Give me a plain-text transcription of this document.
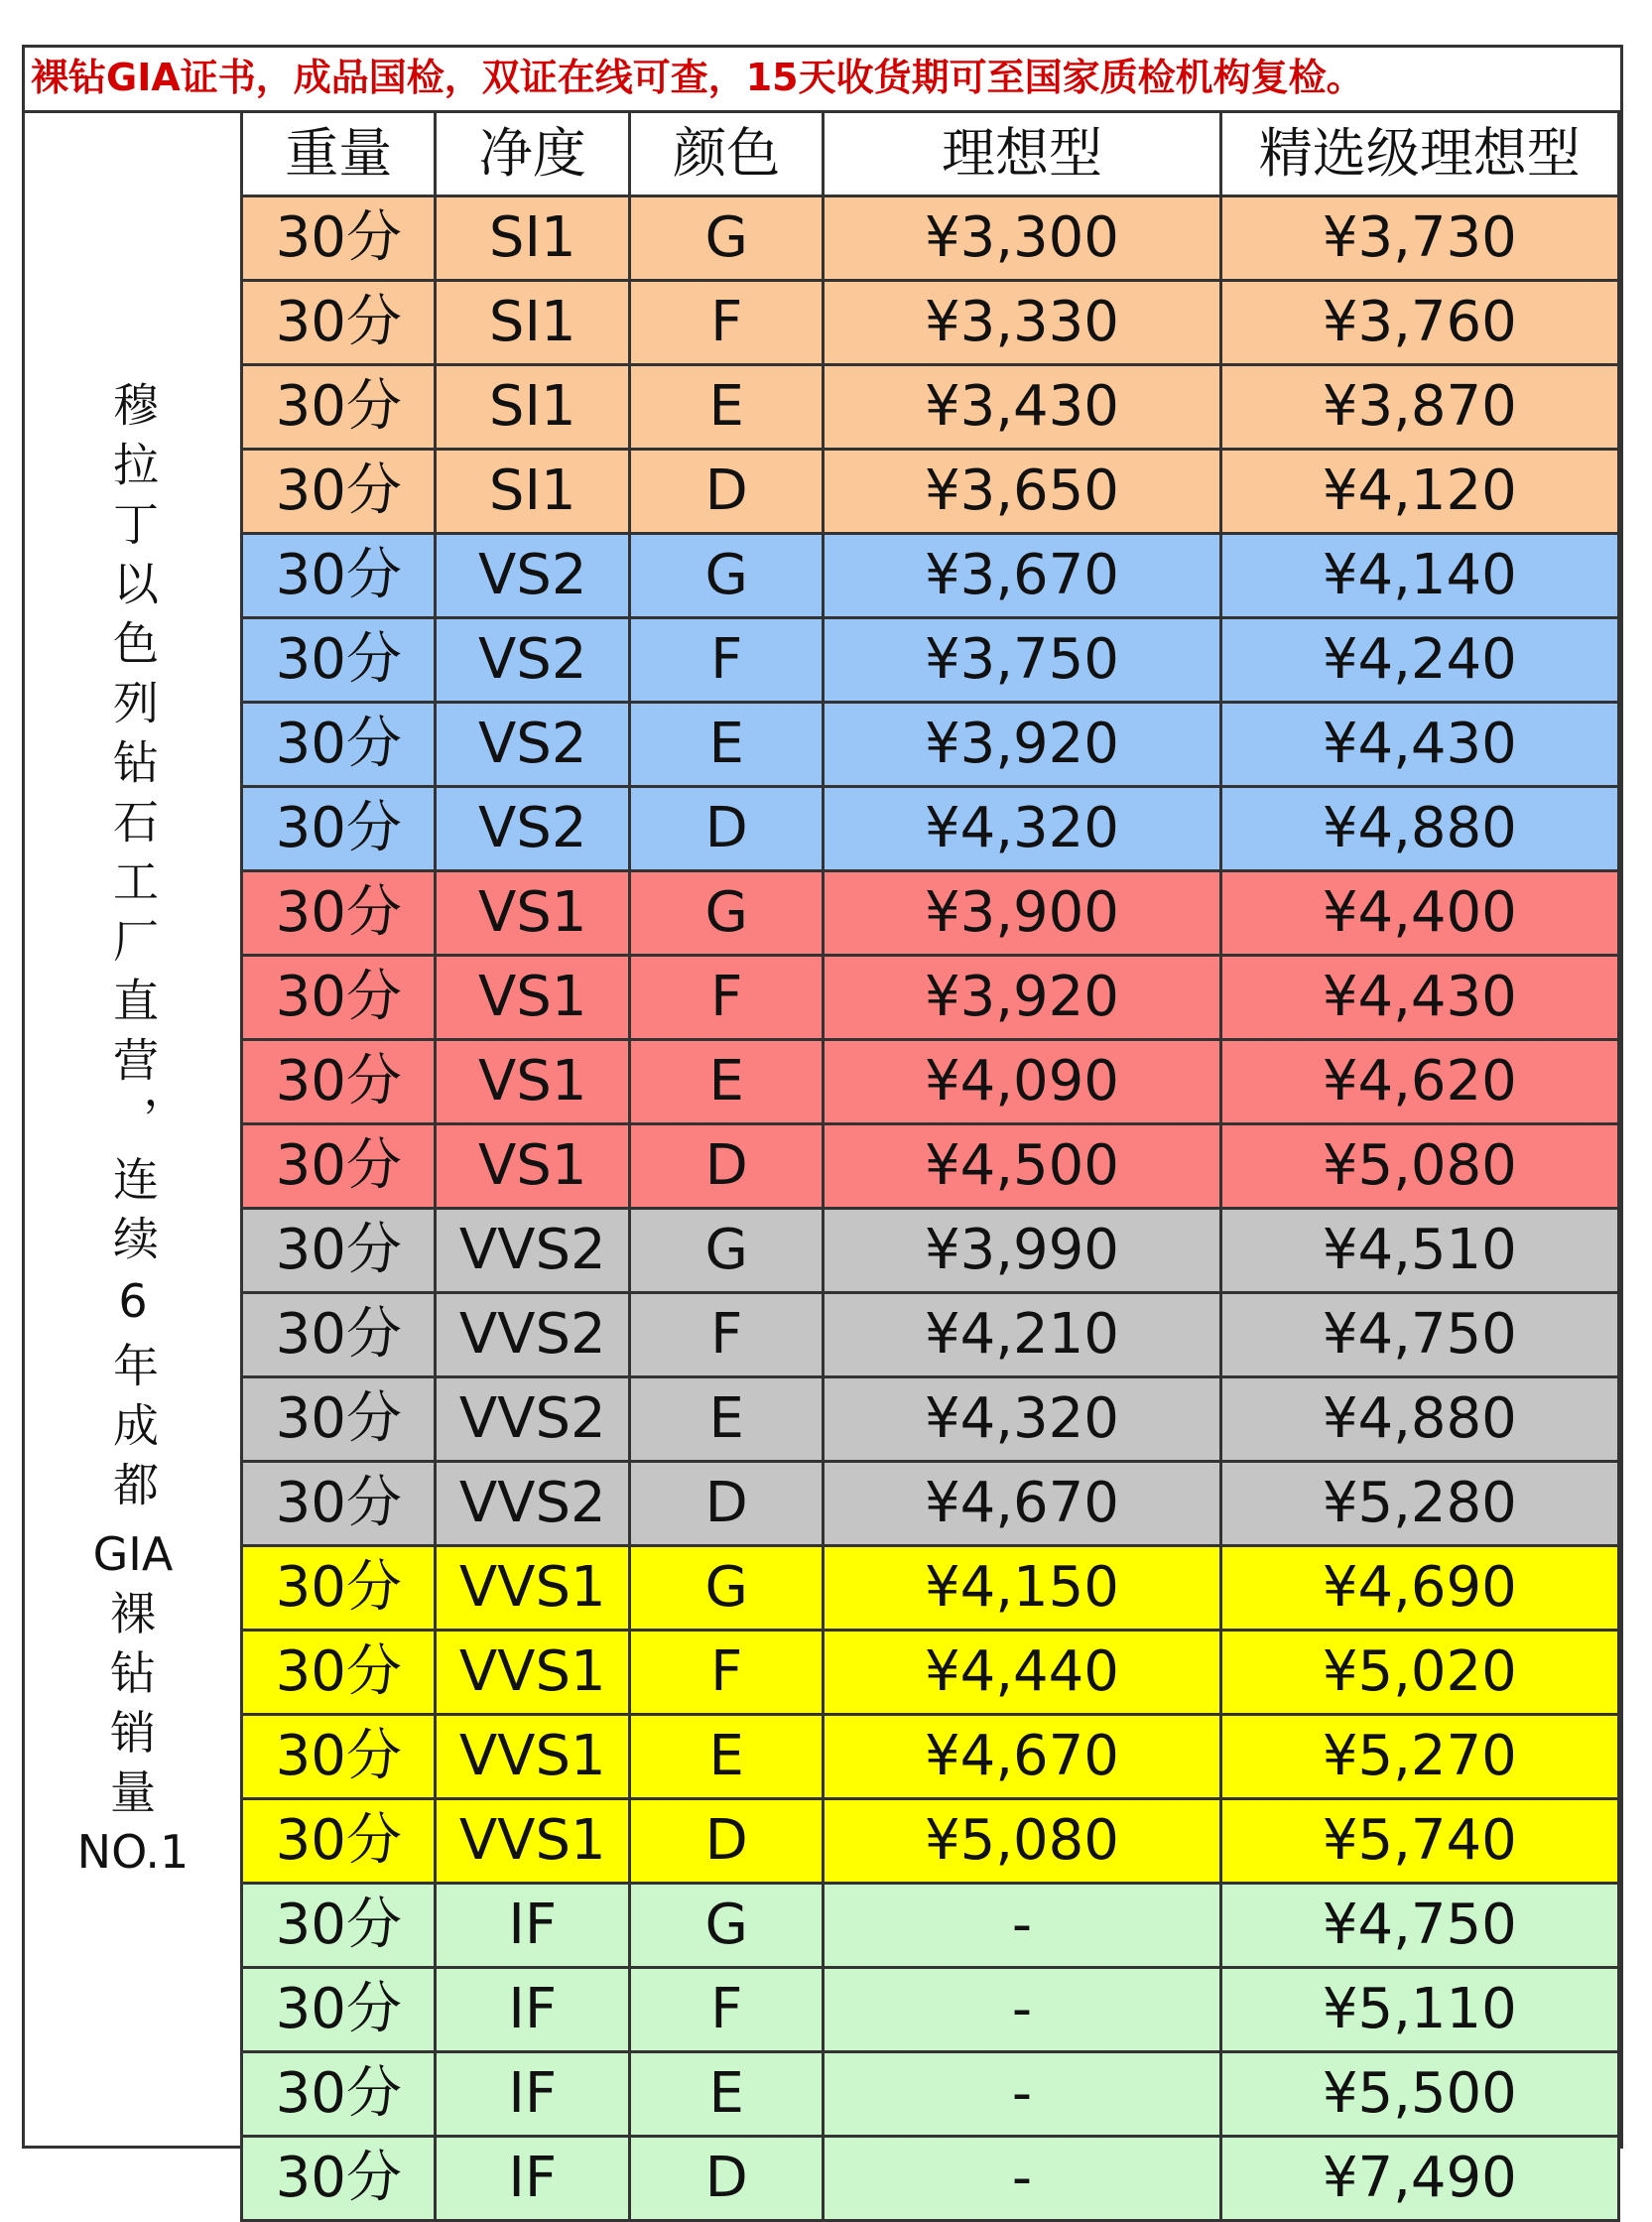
裸钻GIA证书，成品国检，双证在线可查，15天收货期可至国家质检机构复检。
穆拉丁以色列钻石工厂直营，连续6年成都
GIA
裸
钻
销
量
NO.1
重量	净度	颜色	理想型	精选级理想型
30分	SI1	G	¥3,300	¥3,730
30分	SI1	F	¥3,330	¥3,760
30分	SI1	E	¥3,430	¥3,870
30分	SI1	D	¥3,650	¥4,120
30分	VS2	G	¥3,670	¥4,140
30分	VS2	F	¥3,750	¥4,240
30分	VS2	E	¥3,920	¥4,430
30分	VS2	D	¥4,320	¥4,880
30分	VS1	G	¥3,900	¥4,400
30分	VS1	F	¥3,920	¥4,430
30分	VS1	E	¥4,090	¥4,620
30分	VS1	D	¥4,500	¥5,080
30分	VVS2	G	¥3,990	¥4,510
30分	VVS2	F	¥4,210	¥4,750
30分	VVS2	E	¥4,320	¥4,880
30分	VVS2	D	¥4,670	¥5,280
30分	VVS1	G	¥4,150	¥4,690
30分	VVS1	F	¥4,440	¥5,020
30分	VVS1	E	¥4,670	¥5,270
30分	VVS1	D	¥5,080	¥5,740
30分	IF	G	-	¥4,750
30分	IF	F	-	¥5,110
30分	IF	E	-	¥5,500
30分	IF	D	-	¥7,490
